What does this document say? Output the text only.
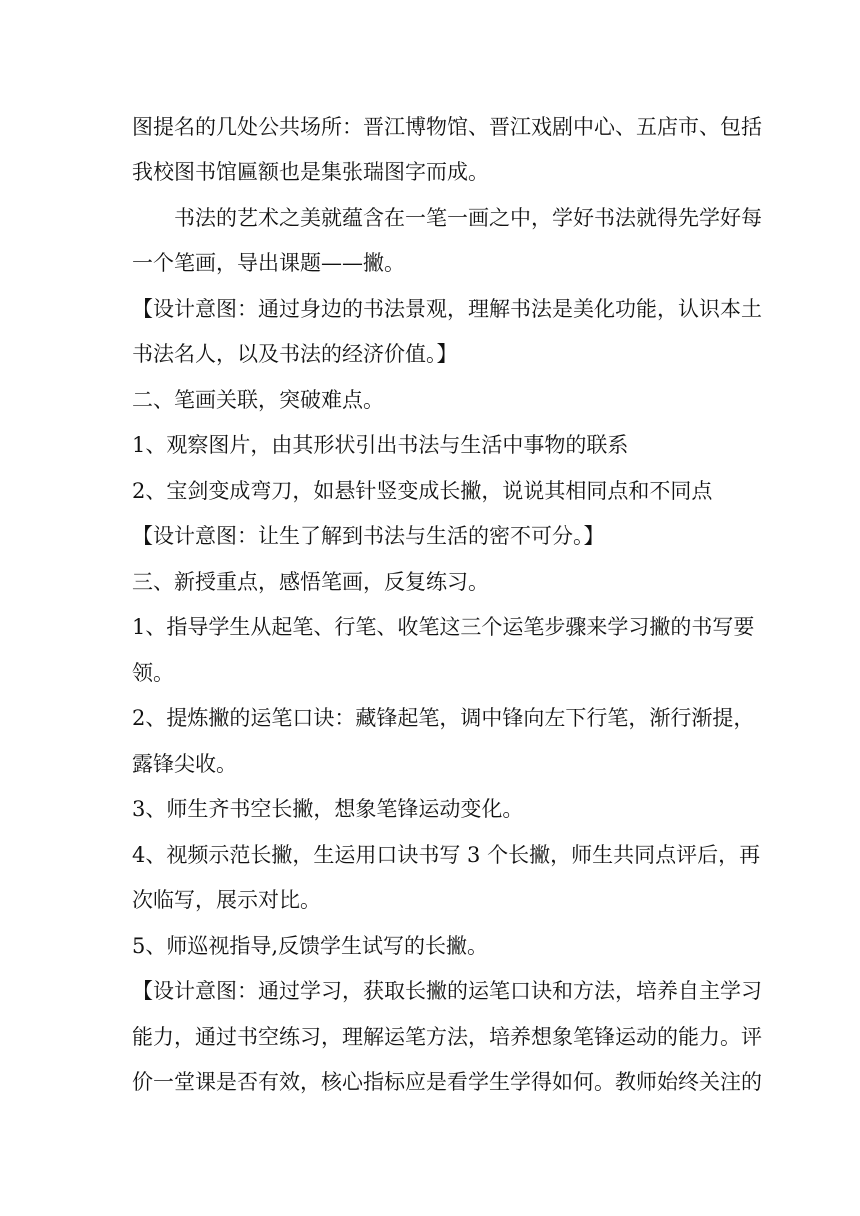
图提名的几处公共场所：晋江博物馆、晋江戏剧中心、五店市、包括
我校图书馆匾额也是集张瑞图字而成。
书法的艺术之美就蕴含在一笔一画之中，学好书法就得先学好每
一个笔画，导出课题——撇。
【设计意图：通过身边的书法景观，理解书法是美化功能，认识本土
书法名人，以及书法的经济价值。】
二、笔画关联，突破难点。
1、观察图片，由其形状引出书法与生活中事物的联系
2、宝剑变成弯刀，如悬针竖变成长撇，说说其相同点和不同点
【设计意图：让生了解到书法与生活的密不可分。】
三、新授重点，感悟笔画，反复练习。
1、指导学生从起笔、行笔、收笔这三个运笔步骤来学习撇的书写要
领。
2、提炼撇的运笔口诀：藏锋起笔，调中锋向左下行笔，渐行渐提，
露锋尖收。
3、师生齐书空长撇，想象笔锋运动变化。
4、视频示范长撇，生运用口诀书写 3 个长撇，师生共同点评后，再
次临写，展示对比。
5、师巡视指导,反馈学生试写的长撇。
【设计意图：通过学习，获取长撇的运笔口诀和方法，培养自主学习
能力，通过书空练习，理解运笔方法，培养想象笔锋运动的能力。评
价一堂课是否有效，核心指标应是看学生学得如何。教师始终关注的
